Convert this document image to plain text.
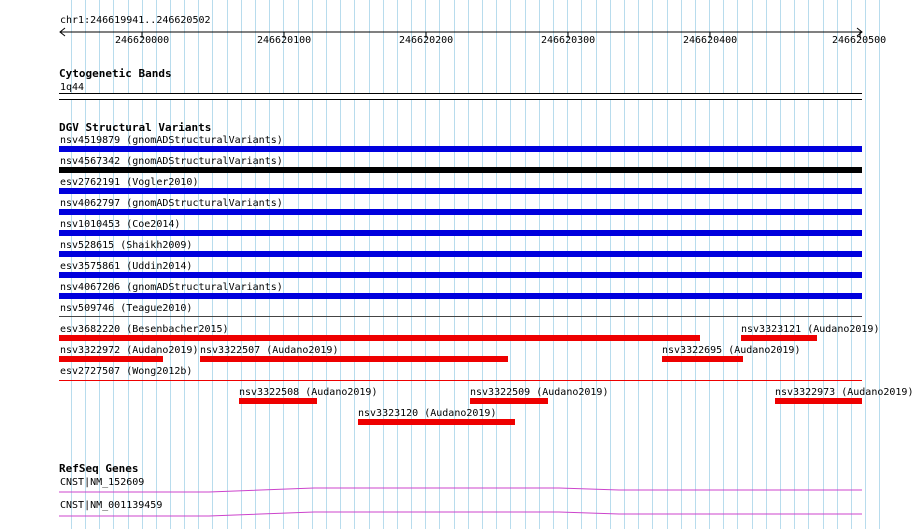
chr1:246619941..246620502
246620000	246620100	246620200	246620300	246620400	246620500
Cytogenetic Bands
1q44
DGV Structural Variants
nsv4519879 (gnomADStructuralVariants)
nsv4567342 (gnomADStructuralVariants)
esv2762191 (Vogler2010)
nsv4062797 (gnomADStructuralVariants)
nsv1010453 (Coe2014)
nsv528615 (Shaikh2009)
esv3575861 (Uddin2014)
nsv4067206 (gnomADStructuralVariants)
nsv509746 (Teague2010)
esv3682220 (Besenbacher2015)	nsv3323121 (Audano2019)
nsv3322972 (Audano2019) nsv3322507 (Audano2019)	nsv3322695 (Audano2019)
esv2727507 (Wong2012b)
nsv3322508 (Audano2019)	nsv3322509 (Audano2019)	nsv3322973 (Audano2019)
nsv3323120 (Audano2019)
RefSeq Genes
CNST|NM_152609
CNST|NM_001139459
